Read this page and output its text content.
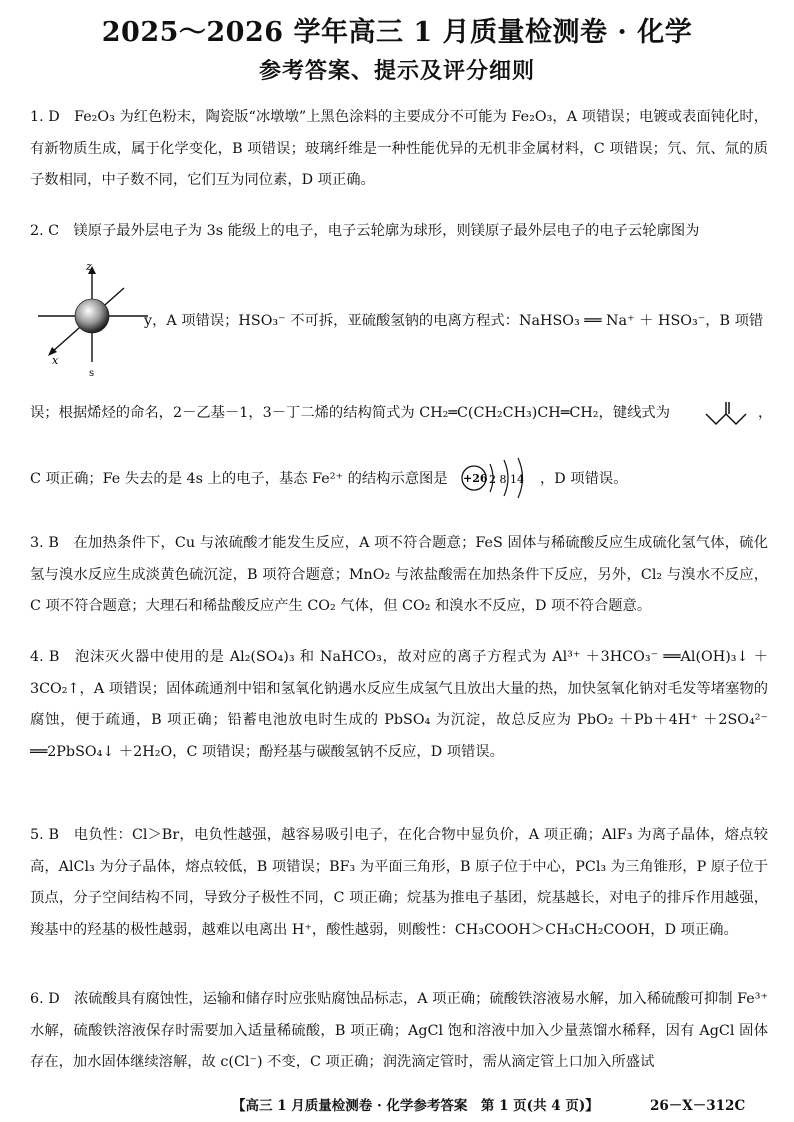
2025～2026 学年高三 1 月质量检测卷 · 化学
参考答案、提示及评分细则
1. D　Fe₂O₃ 为红色粉末，陶瓷版“冰墩墩”上黑色涂料的主要成分不可能为 Fe₂O₃，A 项错误；电镀或表面钝化时，有新物质生成，属于化学变化，B 项错误；玻璃纤维是一种性能优异的无机非金属材料，C 项错误；氕、氘、氚的质子数相同，中子数不同，它们互为同位素，D 项正确。
2. C　镁原子最外层电子为 3s 能级上的电子，电子云轮廓为球形，则镁原子最外层电子的电子云轮廓图为
z
x
s
y，A 项错误；HSO₃⁻ 不可拆，亚硫酸氢钠的电离方程式：NaHSO₃ ══ Na⁺ ＋ HSO₃⁻，B 项错
误；根据烯烃的命名，2－乙基－1，3－丁二烯的结构简式为 CH₂═C(CH₂CH₃)CH═CH₂，键线式为	，
C 项正确；Fe 失去的是 4s 上的电子，基态 Fe²⁺ 的结构示意图是	+26 2 8 14 ，D 项错误。
3. B　在加热条件下，Cu 与浓硫酸才能发生反应，A 项不符合题意；FeS 固体与稀硫酸反应生成硫化氢气体，硫化氢与溴水反应生成淡黄色硫沉淀，B 项符合题意；MnO₂ 与浓盐酸需在加热条件下反应，另外，Cl₂ 与溴水不反应，C 项不符合题意；大理石和稀盐酸反应产生 CO₂ 气体，但 CO₂ 和溴水不反应，D 项不符合题意。
4. B　泡沫灭火器中使用的是 Al₂(SO₄)₃ 和 NaHCO₃，故对应的离子方程式为 Al³⁺ ＋3HCO₃⁻ ══Al(OH)₃↓ ＋3CO₂↑，A 项错误；固体疏通剂中铝和氢氧化钠遇水反应生成氢气且放出大量的热，加快氢氧化钠对毛发等堵塞物的腐蚀，便于疏通，B 项正确；铅蓄电池放电时生成的 PbSO₄ 为沉淀，故总反应为 PbO₂ ＋Pb＋4H⁺ ＋2SO₄²⁻ ══2PbSO₄↓ ＋2H₂O，C 项错误；酚羟基与碳酸氢钠不反应，D 项错误。
5. B　电负性：Cl＞Br，电负性越强，越容易吸引电子，在化合物中显负价，A 项正确；AlF₃ 为离子晶体，熔点较高，AlCl₃ 为分子晶体，熔点较低，B 项错误；BF₃ 为平面三角形，B 原子位于中心，PCl₃ 为三角锥形，P 原子位于顶点，分子空间结构不同，导致分子极性不同，C 项正确；烷基为推电子基团，烷基越长，对电子的排斥作用越强，羧基中的羟基的极性越弱，越难以电离出 H⁺，酸性越弱，则酸性：CH₃COOH＞CH₃CH₂COOH，D 项正确。
6. D　浓硫酸具有腐蚀性，运输和储存时应张贴腐蚀品标志，A 项正确；硫酸铁溶液易水解，加入稀硫酸可抑制 Fe³⁺ 水解，硫酸铁溶液保存时需要加入适量稀硫酸，B 项正确；AgCl 饱和溶液中加入少量蒸馏水稀释，因有 AgCl 固体存在，加水固体继续溶解，故 c(Cl⁻) 不变，C 项正确；润洗滴定管时，需从滴定管上口加入所盛试
【高三 1 月质量检测卷 · 化学参考答案　第 1 页(共 4 页)】	26－X－312C
